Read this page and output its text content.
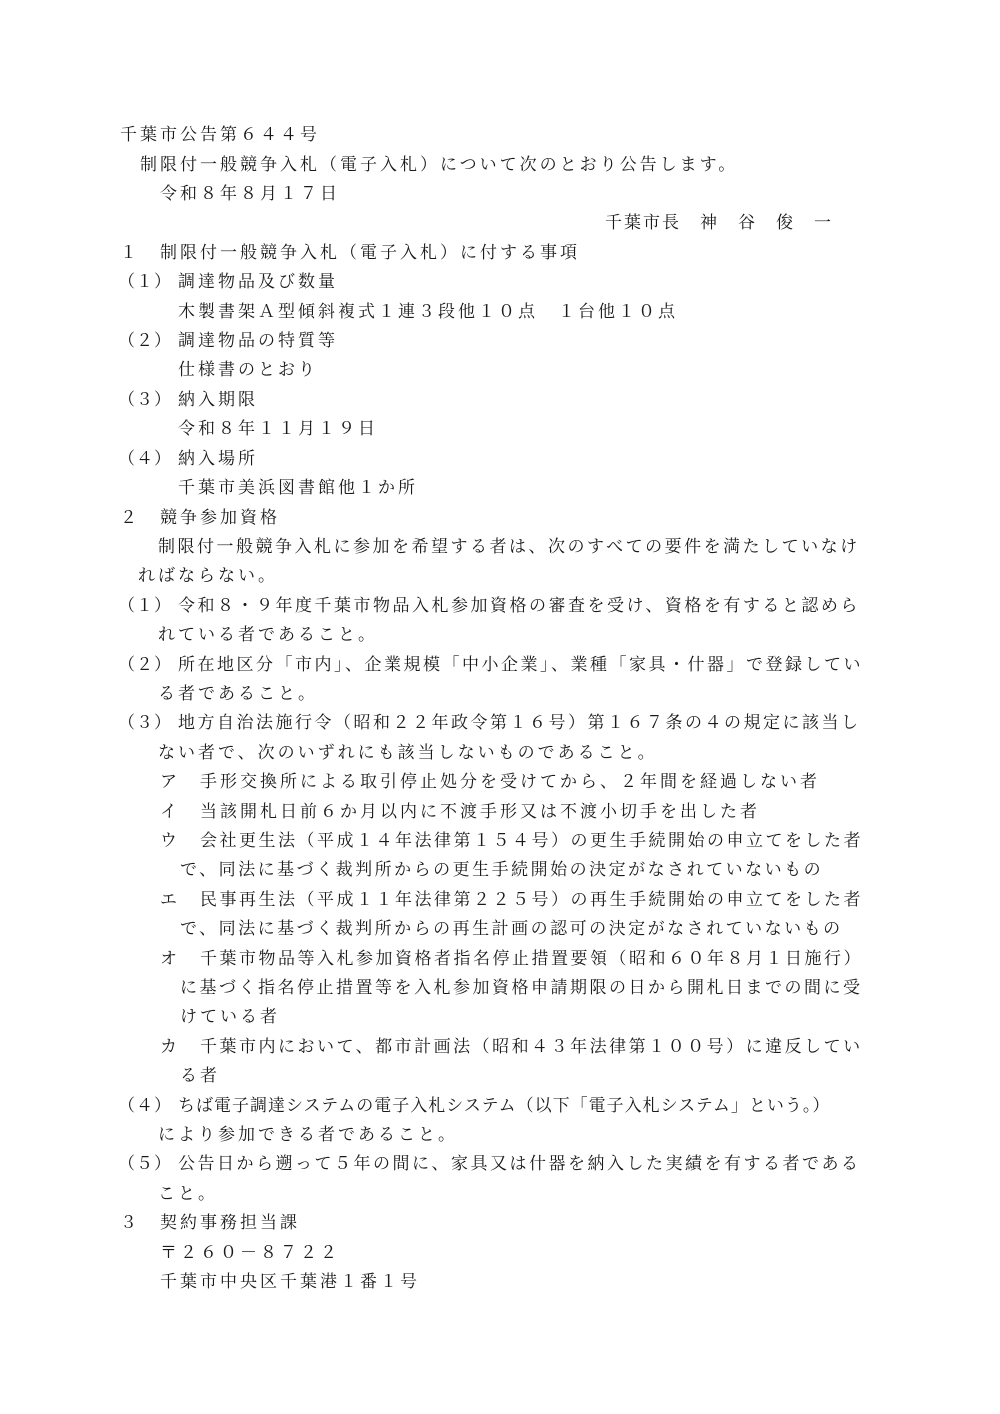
千葉市公告第６４４号
制限付一般競争入札（電子入札）について次のとおり公告します。
令和８年８月１７日
千葉市長　神　谷　俊　一
１ 制限付一般競争入札（電子入札）に付する事項
（１） 調達物品及び数量
木製書架Ａ型傾斜複式１連３段他１０点　１台他１０点
（２） 調達物品の特質等
仕様書のとおり
（３） 納入期限
令和８年１１月１９日
（４） 納入場所
千葉市美浜図書館他１か所
２ 競争参加資格
制限付一般競争入札に参加を希望する者は、次のすべての要件を満たしていなけ
ればならない。
（１） 令和８・９年度千葉市物品入札参加資格の審査を受け、資格を有すると認めら
れている者であること。
（２） 所在地区分「市内」、企業規模「中小企業」、業種「家具・什器」で登録してい
る者であること。
（３） 地方自治法施行令（昭和２２年政令第１６号）第１６７条の４の規定に該当し
ない者で、次のいずれにも該当しないものであること。
ア 手形交換所による取引停止処分を受けてから、２年間を経過しない者
イ 当該開札日前６か月以内に不渡手形又は不渡小切手を出した者
ウ 会社更生法（平成１４年法律第１５４号）の更生手続開始の申立てをした者
で、同法に基づく裁判所からの更生手続開始の決定がなされていないもの
エ 民事再生法（平成１１年法律第２２５号）の再生手続開始の申立てをした者
で、同法に基づく裁判所からの再生計画の認可の決定がなされていないもの
オ 千葉市物品等入札参加資格者指名停止措置要領（昭和６０年８月１日施行）
に基づく指名停止措置等を入札参加資格申請期限の日から開札日までの間に受
けている者
カ 千葉市内において、都市計画法（昭和４３年法律第１００号）に違反してい
る者
（４） ちば電子調達システムの電子入札システム（以下「電子入札システム」という。）
により参加できる者であること。
（５） 公告日から遡って５年の間に、家具又は什器を納入した実績を有する者である
こと。
３ 契約事務担当課
〒２６０－８７２２
千葉市中央区千葉港１番１号
